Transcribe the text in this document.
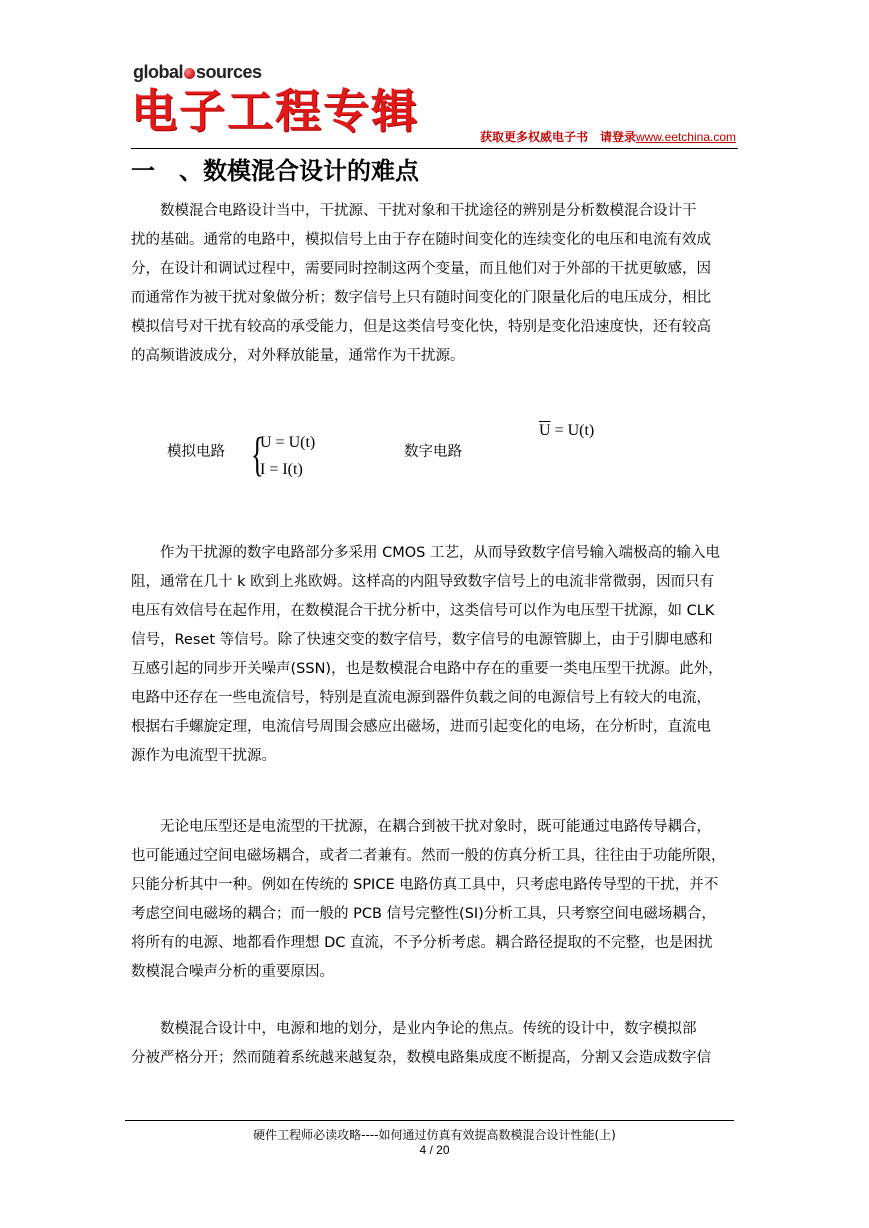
global sources
电子工程专辑	获取更多权威电子书　请登录www.eetchina.com
一　、数模混合设计的难点

数模混合电路设计当中，干扰源、干扰对象和干扰途径的辨别是分析数模混合设计干
扰的基础。通常的电路中，模拟信号上由于存在随时间变化的连续变化的电压和电流有效成
分，在设计和调试过程中，需要同时控制这两个变量，而且他们对于外部的干扰更敏感，因
而通常作为被干扰对象做分析；数字信号上只有随时间变化的门限量化后的电压成分，相比
模拟信号对干扰有较高的承受能力，但是这类信号变化快，特别是变化沿速度快，还有较高
的高频谐波成分，对外释放能量，通常作为干扰源。

模拟电路 {
U = U(t)
I = I(t)
数字电路
$\overline{U} = U(t)$

作为干扰源的数字电路部分多采用 CMOS 工艺，从而导致数字信号输入端极高的输入电
阻，通常在几十 k 欧到上兆欧姆。这样高的内阻导致数字信号上的电流非常微弱，因而只有
电压有效信号在起作用，在数模混合干扰分析中，这类信号可以作为电压型干扰源，如 CLK
信号，Reset 等信号。除了快速交变的数字信号，数字信号的电源管脚上，由于引脚电感和
互感引起的同步开关噪声(SSN)，也是数模混合电路中存在的重要一类电压型干扰源。此外，
电路中还存在一些电流信号，特别是直流电源到器件负载之间的电源信号上有较大的电流，
根据右手螺旋定理，电流信号周围会感应出磁场，进而引起变化的电场，在分析时，直流电
源作为电流型干扰源。

无论电压型还是电流型的干扰源，在耦合到被干扰对象时，既可能通过电路传导耦合，
也可能通过空间电磁场耦合，或者二者兼有。然而一般的仿真分析工具，往往由于功能所限，
只能分析其中一种。例如在传统的 SPICE 电路仿真工具中，只考虑电路传导型的干扰，并不
考虑空间电磁场的耦合；而一般的 PCB 信号完整性(SI)分析工具，只考察空间电磁场耦合，
将所有的电源、地都看作理想 DC 直流，不予分析考虑。耦合路径提取的不完整，也是困扰
数模混合噪声分析的重要原因。

数模混合设计中，电源和地的划分，是业内争论的焦点。传统的设计中，数字模拟部
分被严格分开；然而随着系统越来越复杂，数模电路集成度不断提高，分割又会造成数字信

硬件工程师必读攻略----如何通过仿真有效提高数模混合设计性能(上)
4 / 20
